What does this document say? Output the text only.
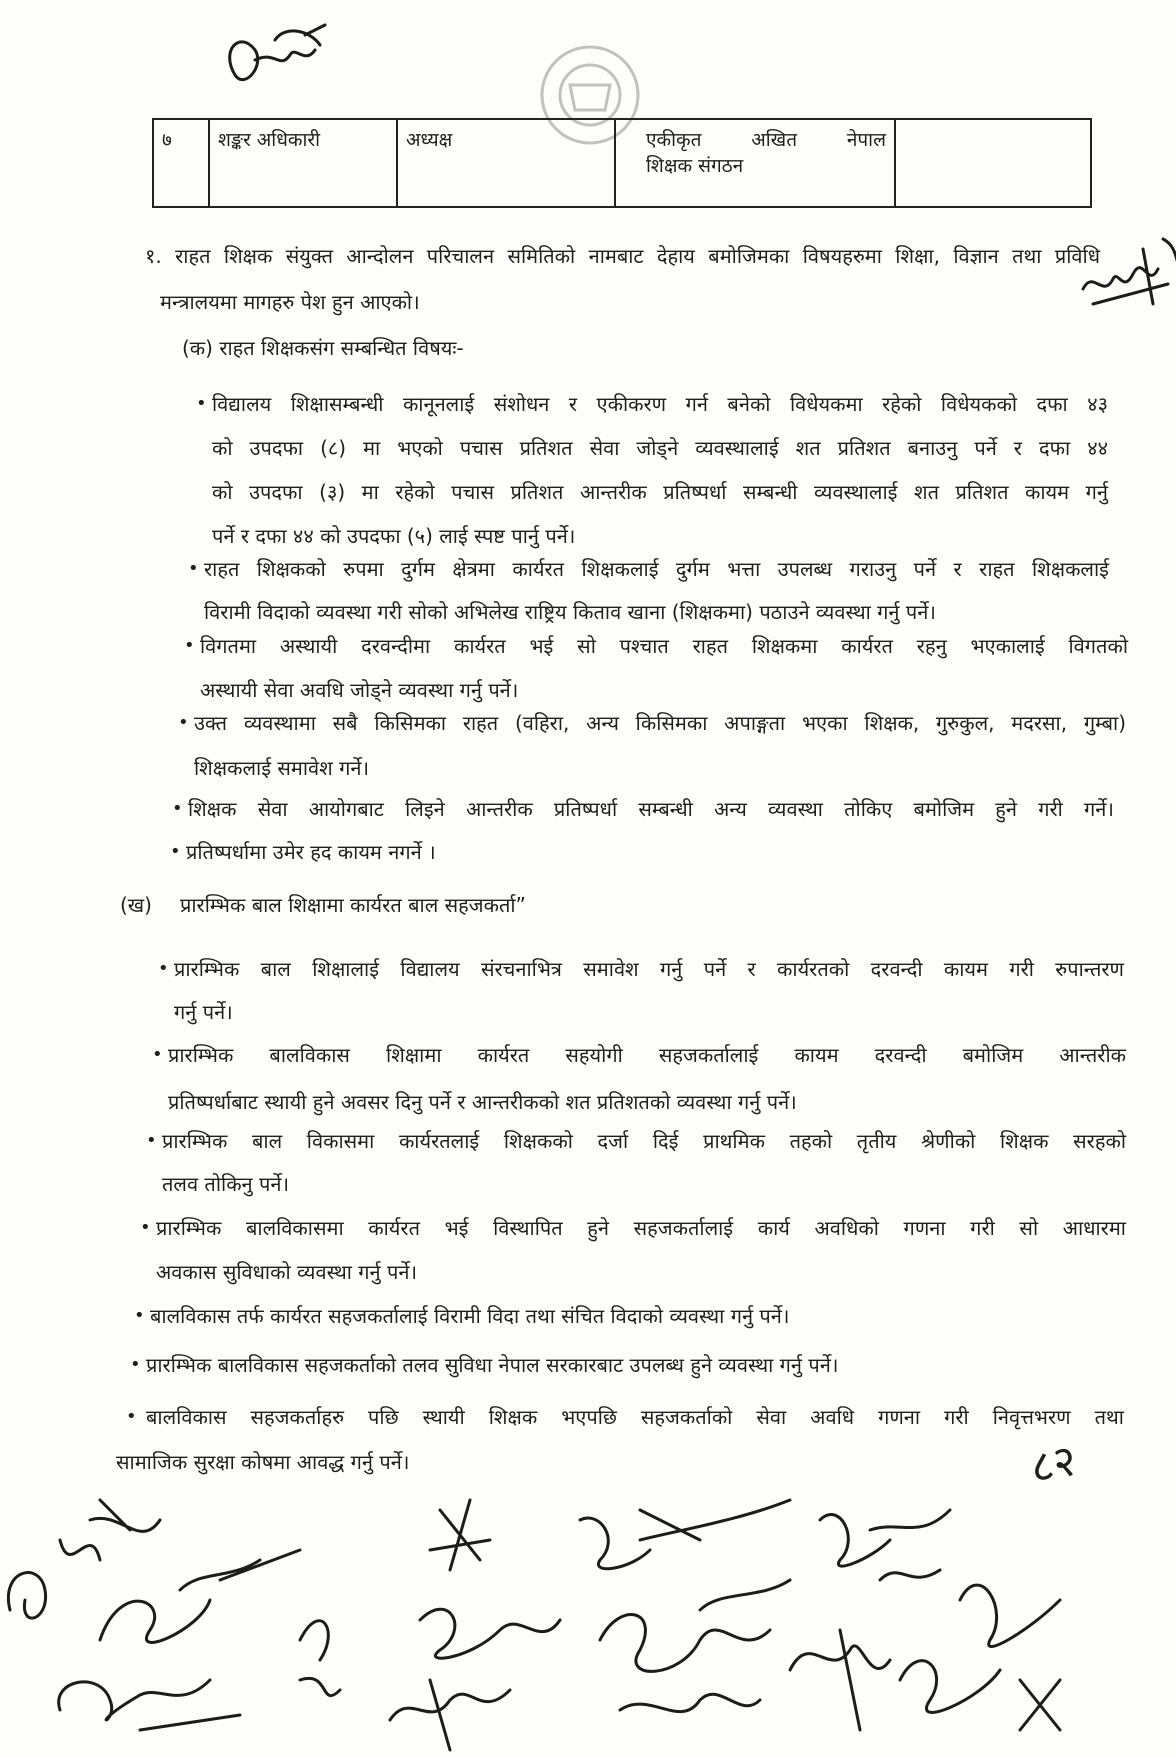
७	शङ्कर अधिकारी	अध्यक्ष	एकीकृत अखित नेपाल
शिक्षक संगठन

१. राहत शिक्षक संयुक्त आन्दोलन परिचालन समितिको नामबाट देहाय बमोजिमका विषयहरुमा शिक्षा, विज्ञान तथा प्रविधि
मन्त्रालयमा मागहरु पेश हुन आएको।
(क) राहत शिक्षकसंग सम्बन्धित विषयः-
• विद्यालय शिक्षासम्बन्धी कानूनलाई संशोधन र एकीकरण गर्न बनेको विधेयकमा रहेको विधेयकको दफा ४३
को उपदफा (८) मा भएको पचास प्रतिशत सेवा जोड्ने व्यवस्थालाई शत प्रतिशत बनाउनु पर्ने र दफा ४४
को उपदफा (३) मा रहेको पचास प्रतिशत आन्तरीक प्रतिष्पर्धा सम्बन्धी व्यवस्थालाई शत प्रतिशत कायम गर्नु
पर्ने र दफा ४४ को उपदफा (५) लाई स्पष्ट पार्नु पर्ने।
• राहत शिक्षकको रुपमा दुर्गम क्षेत्रमा कार्यरत शिक्षकलाई दुर्गम भत्ता उपलब्ध गराउनु पर्ने र राहत शिक्षकलाई
विरामी विदाको व्यवस्था गरी सोको अभिलेख राष्ट्रिय किताव खाना (शिक्षकमा) पठाउने व्यवस्था गर्नु पर्ने।
• विगतमा अस्थायी दरवन्दीमा कार्यरत भई सो पश्चात राहत शिक्षकमा कार्यरत रहनु भएकालाई विगतको
अस्थायी सेवा अवधि जोड्ने व्यवस्था गर्नु पर्ने।
• उक्त व्यवस्थामा सबै किसिमका राहत (वहिरा, अन्य किसिमका अपाङ्गता भएका शिक्षक, गुरुकुल, मदरसा, गुम्बा)
शिक्षकलाई समावेश गर्ने।
• शिक्षक सेवा आयोगबाट लिइने आन्तरीक प्रतिष्पर्धा सम्बन्धी अन्य व्यवस्था तोकिए बमोजिम हुने गरी गर्ने।
• प्रतिष्पर्धामा उमेर हद कायम नगर्ने ।
(ख) प्रारम्भिक बाल शिक्षामा कार्यरत बाल सहजकर्ता”
• प्रारम्भिक बाल शिक्षालाई विद्यालय संरचनाभित्र समावेश गर्नु पर्ने र कार्यरतको दरवन्दी कायम गरी रुपान्तरण
गर्नु पर्ने।
• प्रारम्भिक बालविकास शिक्षामा कार्यरत सहयोगी सहजकर्तालाई कायम दरवन्दी बमोजिम आन्तरीक
प्रतिष्पर्धाबाट स्थायी हुने अवसर दिनु पर्ने र आन्तरीकको शत प्रतिशतको व्यवस्था गर्नु पर्ने।
• प्रारम्भिक बाल विकासमा कार्यरतलाई शिक्षकको दर्जा दिई प्राथमिक तहको तृतीय श्रेणीको शिक्षक सरहको
तलव तोकिनु पर्ने।
• प्रारम्भिक बालविकासमा कार्यरत भई विस्थापित हुने सहजकर्तालाई कार्य अवधिको गणना गरी सो आधारमा
अवकास सुविधाको व्यवस्था गर्नु पर्ने।
• बालविकास तर्फ कार्यरत सहजकर्तालाई विरामी विदा तथा संचित विदाको व्यवस्था गर्नु पर्ने।
• प्रारम्भिक बालविकास सहजकर्ताको तलव सुविधा नेपाल सरकारबाट उपलब्ध हुने व्यवस्था गर्नु पर्ने।
• बालविकास सहजकर्ताहरु पछि स्थायी शिक्षक भएपछि सहजकर्ताको सेवा अवधि गणना गरी निवृत्तभरण तथा
सामाजिक सुरक्षा कोषमा आवद्ध गर्नु पर्ने।	८२
